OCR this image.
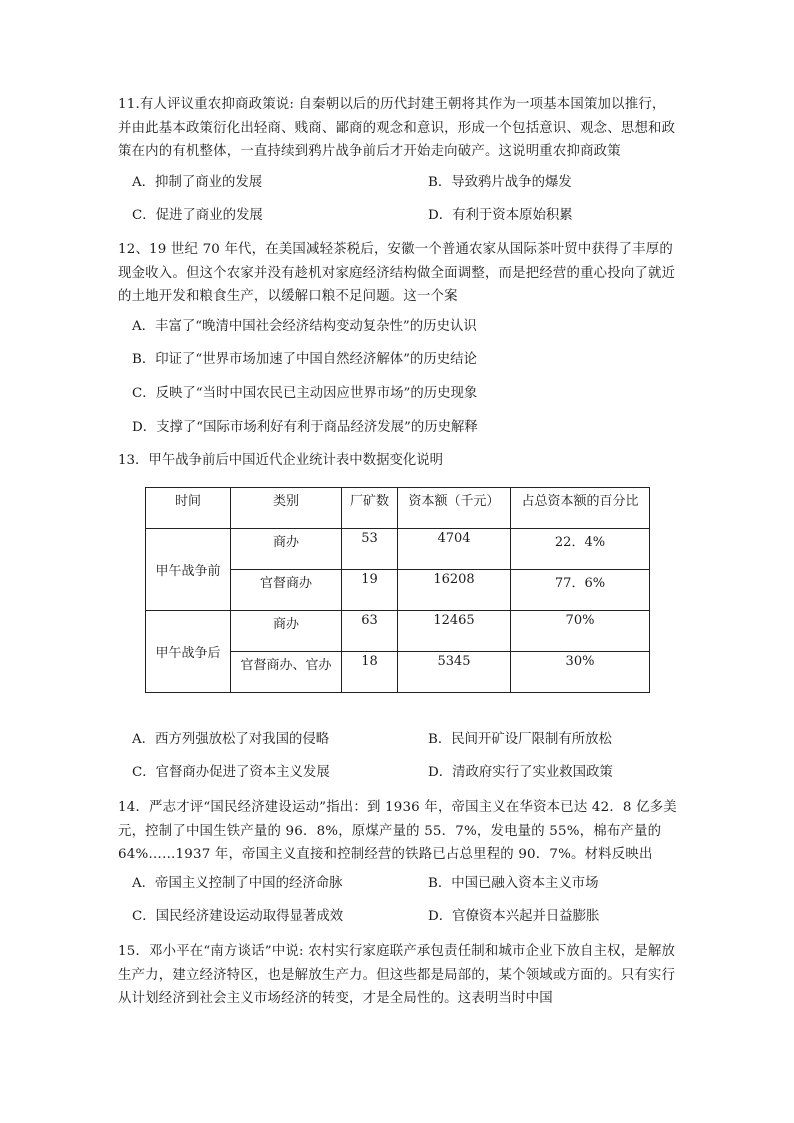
11.有人评议重农抑商政策说: 自秦朝以后的历代封建王朝将其作为一项基本国策加以推行，并由此基本政策衍化出轻商、贱商、鄙商的观念和意识，形成一个包括意识、观念、思想和政策在内的有机整体，一直持续到鸦片战争前后才开始走向破产。这说明重农抑商政策
A．抑制了商业的发展	B．导致鸦片战争的爆发
C．促进了商业的发展	D．有利于资本原始积累
12、19 世纪 70 年代，在美国减轻茶税后，安徽一个普通农家从国际茶叶贸中获得了丰厚的现金收入。但这个农家并没有趁机对家庭经济结构做全面调整，而是把经营的重心投向了就近的土地开发和粮食生产，以缓解口粮不足问题。这一个案
A．丰富了“晚清中国社会经济结构变动复杂性”的历史认识
B．印证了“世界市场加速了中国自然经济解体”的历史结论
C．反映了“当时中国农民已主动因应世界市场”的历史现象
D．支撑了“国际市场利好有利于商品经济发展”的历史解释
13．甲午战争前后中国近代企业统计表中数据变化说明
时间	类别	厂矿数	资本额（千元）	占总资本额的百分比

甲午战争前	商办	53	4704	22．4%

	官督商办	19	16208	77．6%

甲午战争后	商办	63	12465	70%

	官督商办、官办	18	5345	30%
A．西方列强放松了对我国的侵略	B．民间开矿设厂限制有所放松
C．官督商办促进了资本主义发展	D．清政府实行了实业救国政策
14．严志才评“国民经济建设运动”指出：到 1936 年，帝国主义在华资本已达 42．8 亿多美元，控制了中国生铁产量的 96．8%，原煤产量的 55．7%，发电量的 55%，棉布产量的 64%……1937 年，帝国主义直接和控制经营的铁路已占总里程的 90．7%。材料反映出
A．帝国主义控制了中国的经济命脉	B．中国已融入资本主义市场
C．国民经济建设运动取得显著成效	D．官僚资本兴起并日益膨胀
15．邓小平在“南方谈话”中说: 农村实行家庭联产承包责任制和城市企业下放自主权，是解放生产力，建立经济特区，也是解放生产力。但这些都是局部的，某个领域或方面的。只有实行从计划经济到社会主义市场经济的转变，才是全局性的。这表明当时中国
